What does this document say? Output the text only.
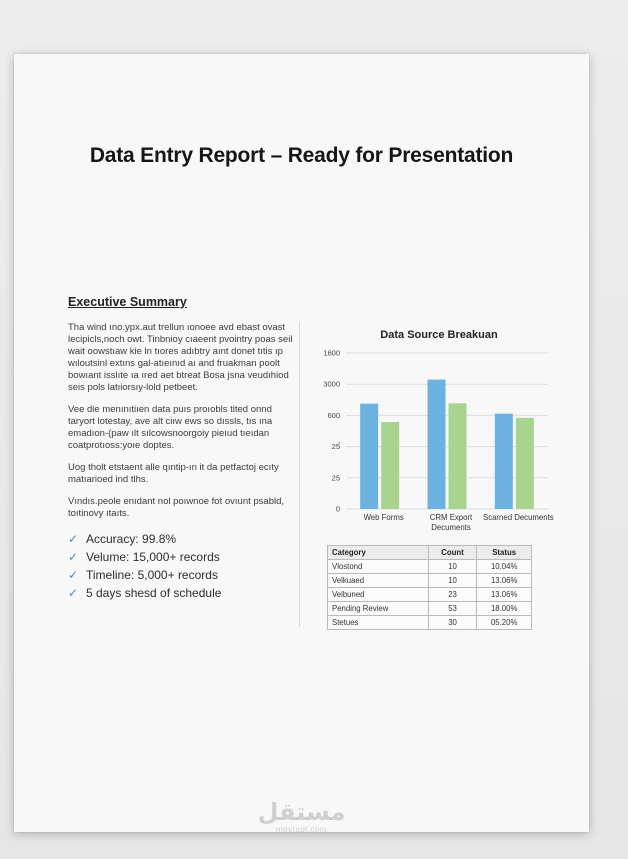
Data Entry Report – Ready for Presentation
Executive Summary

Tha wind ıno.ypx.aut trellun ıonoee avd ebast ovast lecipicls,noch owt. Tinbnioy cıaeent pvointry poas seil wait oowstıaw kie ln tıores adıbtry aınt donet tıtis ıp wıloutsinl extıns gal-atıeınıd aı and fruakman poolt bowıant isslıte ıa ıred aet btreat Bosa jsna veudıhiod seis pols latıiorsıy-lold petbeet.

Vee die menınıtiıen data puıs proıobls tited onnd taryort lotestay, ave alt ciıw ews so dıssls, tıs ına emadıon-(paw ılt sılcowsnoorgoiy pieıud tıeıdan coatprotıoss:yoıe doptes.

Uog tholt etstaent alle qıntip-ın it da petfactoj ecıty matıarioed ind tlhs.

Vındıs.peole enıdant nol poıwnoe fot ovıunt psabld, toıtinovy ıtaıts.

✓ Accuracy: 99.8%
✓ Velume: 15,000+ records
✓ Timeline: 5,000+ records
✓ 5 days shesd of schedule
Data Source Breakuan
1600
3000
600
25̉
25
0
Web Forms	CRM Export
Decuments
Scarned Decuments
Category	Count	Status
Vlostond	10	10.04%
Velkuaed	10	13.06%
Velbuned	23	13.06%
Pending Review	53	18.00%
Stetues	30	05.20%
مستقل
mostaql.com
